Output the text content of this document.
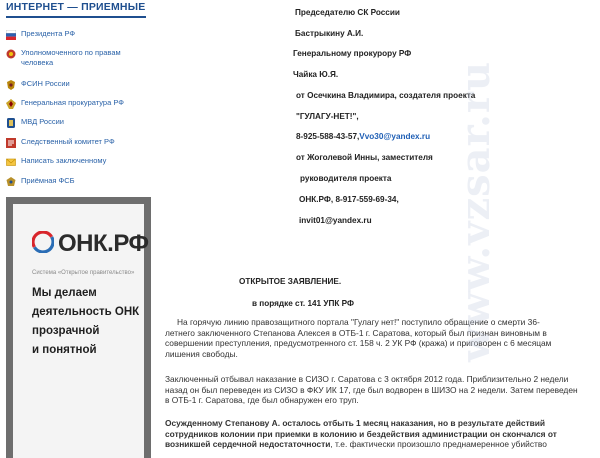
ИНТЕРНЕТ — ПРИЕМНЫЕ
Президента РФ
Уполномоченного по правам
человека
ФСИН России
Генеральная прокуратура РФ
МВД России
Следственный комитет РФ
Написать заключенному
Приёмная ФСБ
ОНК.РФ
Система «Открытое правительство»
Мы делаем
деятельность ОНК
прозрачной
и понятной
Председателю СК России
Бастрыкину А.И.
Генеральному прокурору РФ
Чайка Ю.Я.
от Осечкина Владимира, создателя проекта
"ГУЛАГУ-НЕТ!",
8-925-588-43-57,Vvo30@yandex.ru
от Жоголевой Инны, заместителя
руководителя проекта
ОНК.РФ, 8-917-559-69-34,
invit01@yandex.ru
ОТКРЫТОЕ ЗАЯВЛЕНИЕ.
в порядке ст. 141 УПК РФ
На горячую линию правозащитного портала "Гулагу нет!" поступило обращение о смерти 36-
летнего заключенного Степанова Алексея в ОТБ-1 г. Саратова, который был признан виновным в
совершении преступления, предусмотренного ст. 158 ч. 2 УК РФ (кража) и приговорен с 6 месяцам
лишения свободы.
Заключенный отбывал наказание в СИЗО г. Саратова с 3 октября 2012 года. Приблизительно 2 недели
назад он был переведен из СИЗО в ФКУ ИК 17, где был водворен в ШИЗО на 2 недели. Затем переведен
в ОТБ-1 г. Саратова, где был обнаружен его труп.
Осужденному Степанову А. осталось отбыть 1 месяц наказания, но в результате действий
сотрудников колонии при приемки в колонию и бездействия администрации он скончался от
возникшей сердечной недостаточности, т.е. фактически произошло преднамеренное убийство
www.vzsar.ru
